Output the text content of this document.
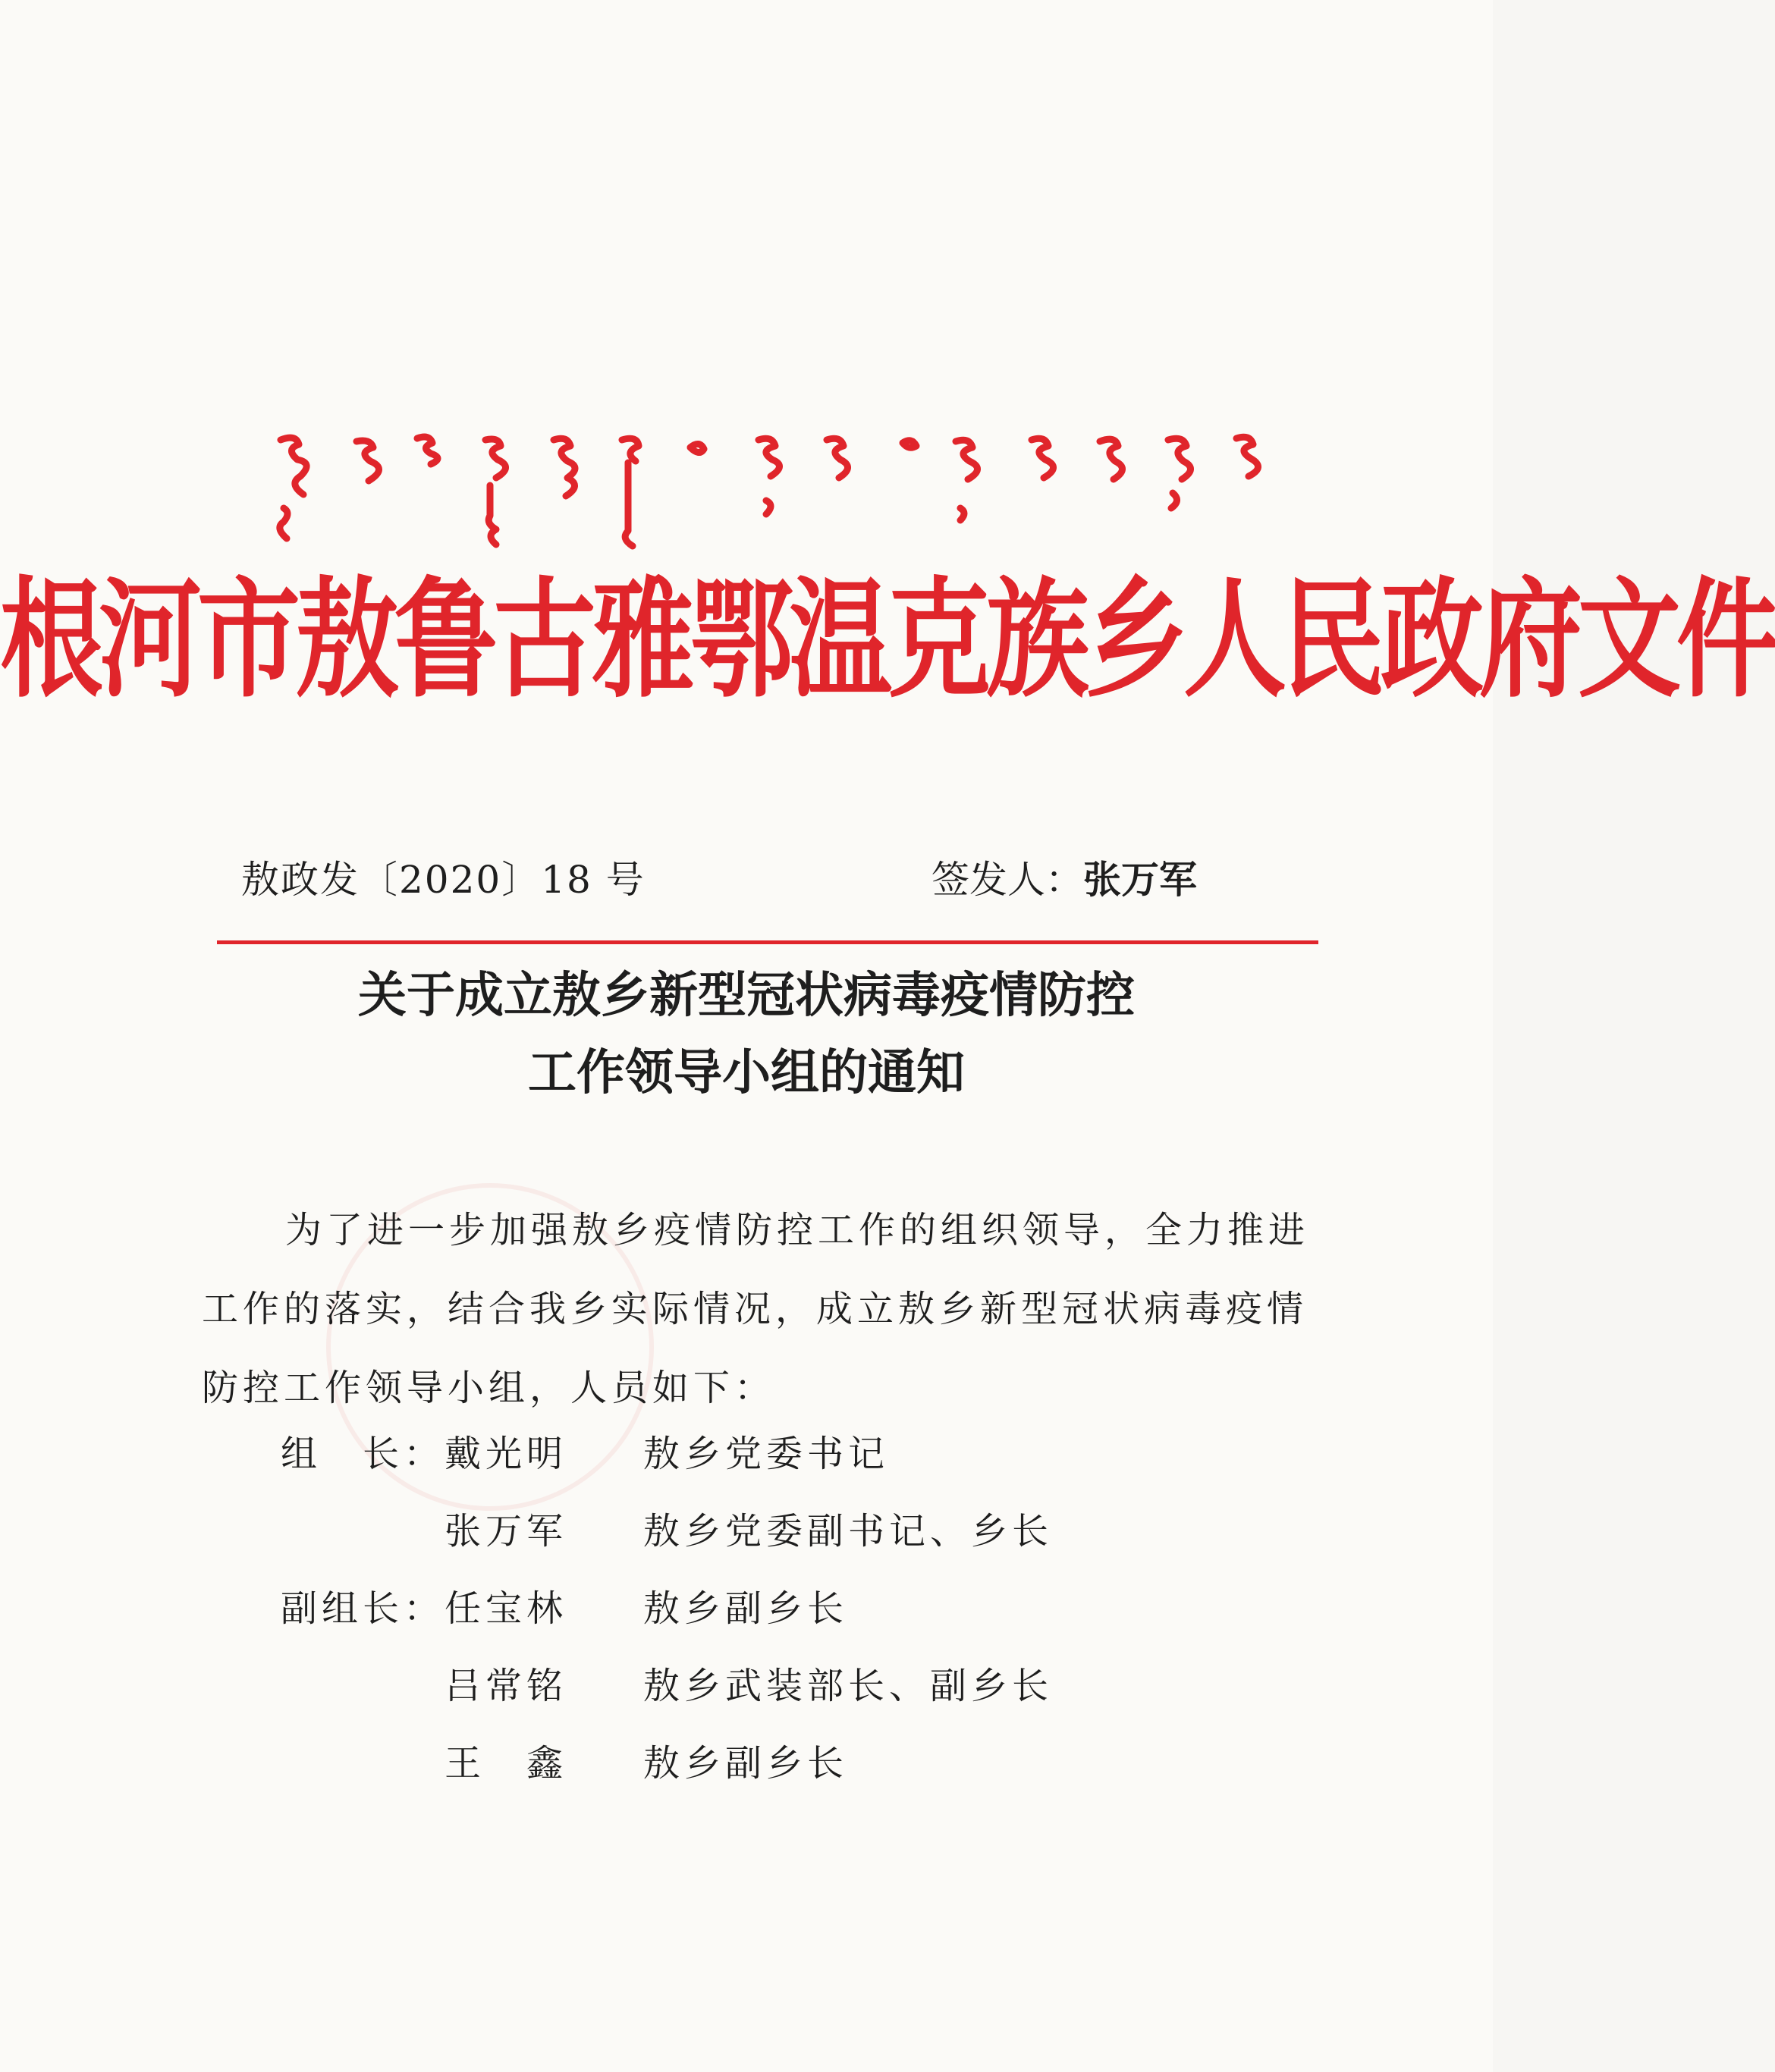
根河市敖鲁古雅鄂温克族乡人民政府文件
敖政发〔2020〕18 号	签发人：张万军
关于成立敖乡新型冠状病毒疫情防控
工作领导小组的通知

为了进一步加强敖乡疫情防控工作的组织领导，全力推进工作的落实，结合我乡实际情况，成立敖乡新型冠状病毒疫情防控工作领导小组，人员如下：

组　长： 戴光明	敖乡党委书记
张万军	敖乡党委副书记、乡长
副组长： 任宝林	敖乡副乡长
吕常铭	敖乡武装部长、副乡长
王　鑫	敖乡副乡长
